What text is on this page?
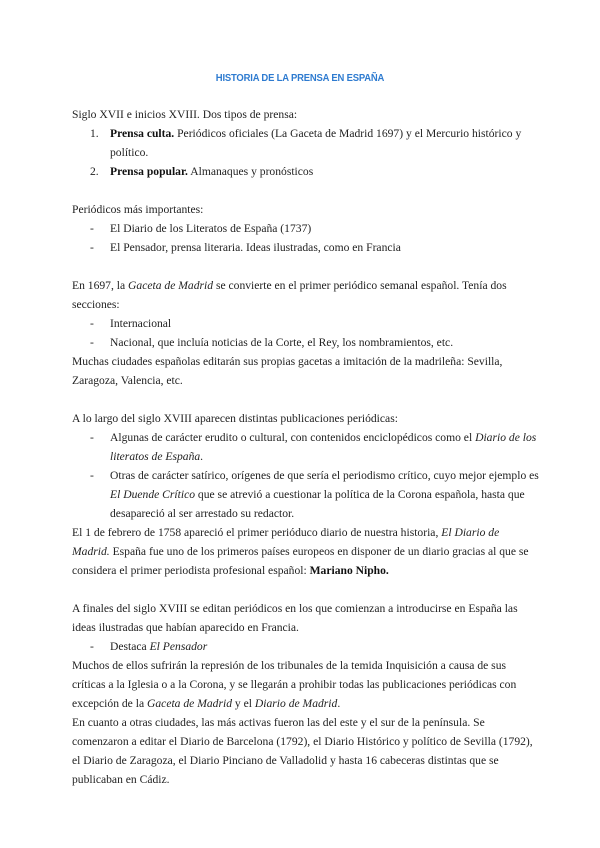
HISTORIA DE LA PRENSA EN ESPAÑA
Siglo XVII e inicios XVIII. Dos tipos de prensa:
1. Prensa culta. Periódicos oficiales (La Gaceta de Madrid 1697) y el Mercurio histórico y
político.
2. Prensa popular. Almanaques y pronósticos
Periódicos más importantes:
- El Diario de los Literatos de España (1737)
- El Pensador, prensa literaria. Ideas ilustradas, como en Francia
En 1697, la Gaceta de Madrid se convierte en el primer periódico semanal español. Tenía dos
secciones:
- Internacional
- Nacional, que incluía noticias de la Corte, el Rey, los nombramientos, etc.
Muchas ciudades españolas editarán sus propias gacetas a imitación de la madrileña: Sevilla,
Zaragoza, Valencia, etc.
A lo largo del siglo XVIII aparecen distintas publicaciones periódicas:
- Algunas de carácter erudito o cultural, con contenidos enciclopédicos como el Diario de los
literatos de España.
- Otras de carácter satírico, orígenes de que sería el periodismo crítico, cuyo mejor ejemplo es
El Duende Crítico que se atrevió a cuestionar la política de la Corona española, hasta que
desapareció al ser arrestado su redactor.
El 1 de febrero de 1758 apareció el primer perióduco diario de nuestra historia, El Diario de
Madrid. España fue uno de los primeros países europeos en disponer de un diario gracias al que se
considera el primer periodista profesional español: Mariano Nipho.
A finales del siglo XVIII se editan periódicos en los que comienzan a introducirse en España las
ideas ilustradas que habían aparecido en Francia.
- Destaca El Pensador
Muchos de ellos sufrirán la represión de los tribunales de la temida Inquisición a causa de sus
críticas a la Iglesia o a la Corona, y se llegarán a prohibir todas las publicaciones periódicas con
excepción de la Gaceta de Madrid y el Diario de Madrid.
En cuanto a otras ciudades, las más activas fueron las del este y el sur de la península. Se
comenzaron a editar el Diario de Barcelona (1792), el Diario Histórico y político de Sevilla (1792),
el Diario de Zaragoza, el Diario Pinciano de Valladolid y hasta 16 cabeceras distintas que se
publicaban en Cádiz.
